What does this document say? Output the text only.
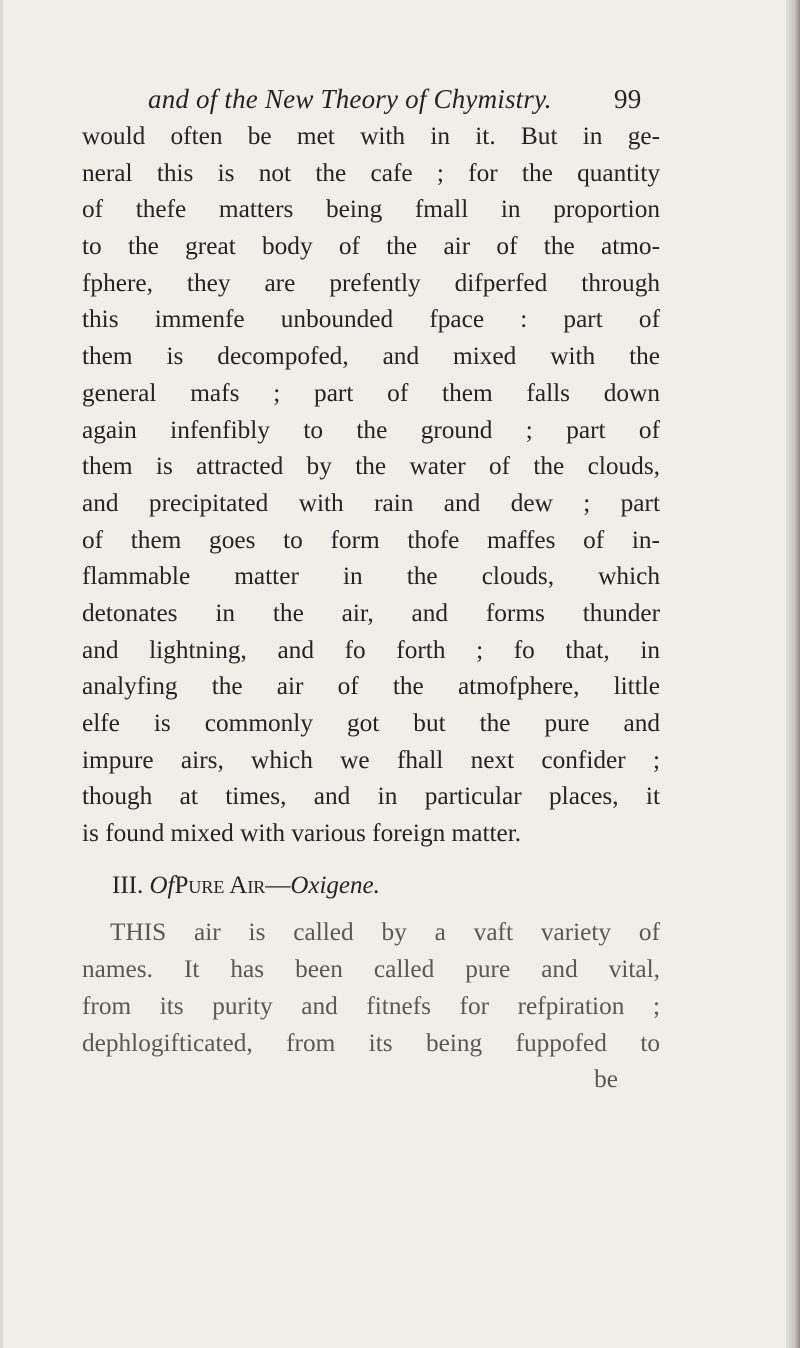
and of the New Theory of Chymistry. 99
would often be met with in it. But in ge-
neral this is not the cafe ; for the quantity
of thefe matters being fmall in proportion
to the great body of the air of the atmo-
fphere, they are prefently difperfed through
this immenfe unbounded fpace : part of
them is decompofed, and mixed with the
general mafs ; part of them falls down
again infenfibly to the ground ; part of
them is attracted by the water of the clouds,
and precipitated with rain and dew ; part
of them goes to form thofe maffes of in-
flammable matter in the clouds, which
detonates in the air, and forms thunder
and lightning, and fo forth ; fo that, in
analyfing the air of the atmofphere, little
elfe is commonly got but the pure and
impure airs, which we fhall next confider ;
though at times, and in particular places, it
is found mixed with various foreign matter.
III. OfPure Air—Oxigene.
THIS air is called by a vaft variety of
names. It has been called pure and vital,
from its purity and fitnefs for refpiration ;
dephlogifticated, from its being fuppofed to
be
